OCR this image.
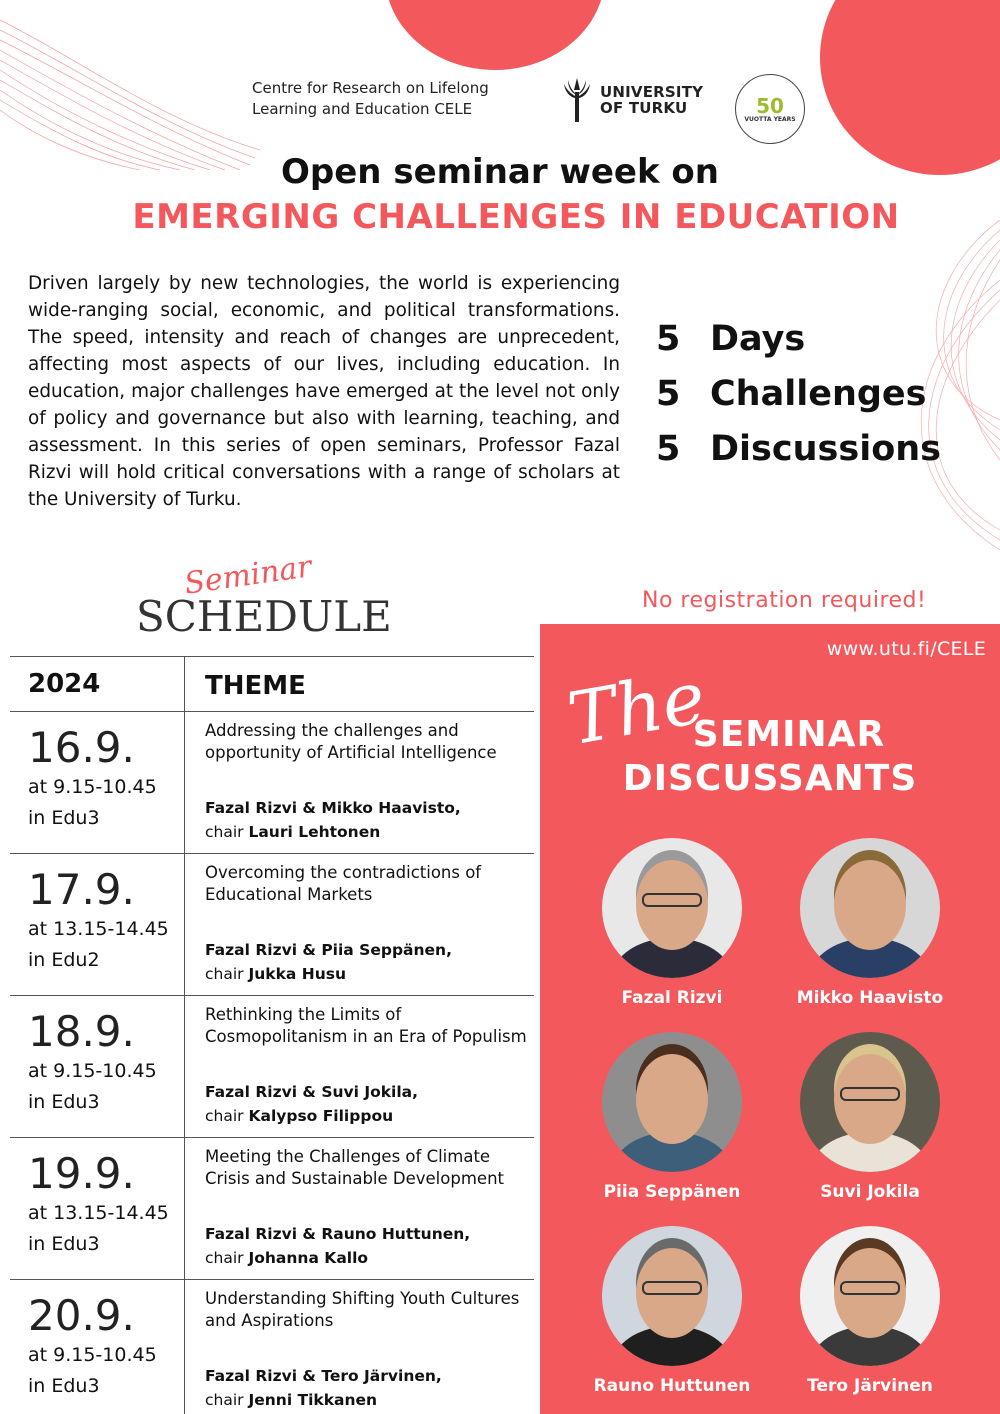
Centre for Research on Lifelong
Learning and Education CELE
UNIVERSITY
OF TURKU	50
VUOTTA YEARS
Open seminar week on
EMERGING CHALLENGES IN EDUCATION
Driven largely by new technologies, the world is experiencing wide-ranging social, economic, and political transformations. The speed, intensity and reach of changes are unprecedent, affecting most aspects of our lives, including education. In education, major challenges have emerged at the level not only of policy and governance but also with learning, teaching, and assessment. In this series of open seminars, Professor Fazal Rizvi will hold critical conversations with a range of scholars at the University of Turku.
5 Days
5 Challenges
5 Discussions
Seminar
SCHEDULE	No registration required!
2024	THEME
16.9.
at 9.15-10.45
in Edu3
Addressing the challenges and opportunity of Artificial Intelligence
Fazal Rizvi & Mikko Haavisto,
chair Lauri Lehtonen
17.9.
at 13.15-14.45
in Edu2
Overcoming the contradictions of Educational Markets
Fazal Rizvi & Piia Seppänen,
chair Jukka Husu
18.9.
at 9.15-10.45
in Edu3
Rethinking the Limits of Cosmopolitanism in an Era of Populism
Fazal Rizvi & Suvi Jokila,
chair Kalypso Filippou
19.9.
at 13.15-14.45
in Edu3
Meeting the Challenges of Climate Crisis and Sustainable Development
Fazal Rizvi & Rauno Huttunen,
chair Johanna Kallo
20.9.
at 9.15-10.45
in Edu3
Understanding Shifting Youth Cultures and Aspirations
Fazal Rizvi & Tero Järvinen,
chair Jenni Tikkanen
www.utu.fi/CELE
The
SEMINAR
DISCUSSANTS
Fazal Rizvi	Mikko Haavisto
Piia Seppänen	Suvi Jokila
Rauno Huttunen	Tero Järvinen
